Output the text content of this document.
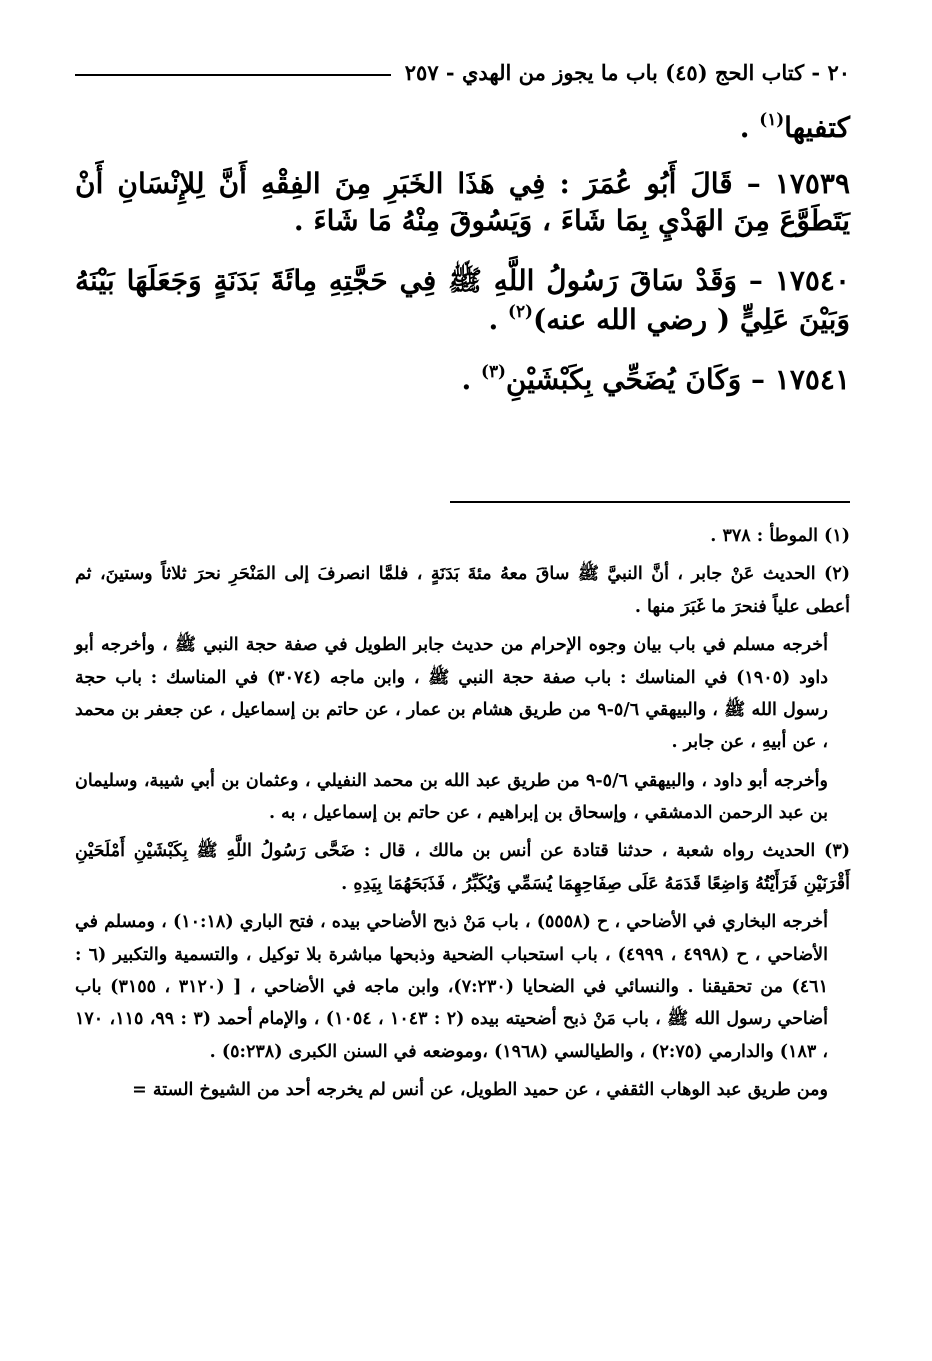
٢٠ - كتاب الحج (٤٥) باب ما يجوز من الهدي - ٢٥٧

كتفيها$^{(١)}$ .

١٧٥٣٩ – قَالَ أَبُو عُمَرَ : فِي هَذَا الخَبَرِ مِنَ الفِقْهِ أَنَّ لِلإِنْسَانِ أَنْ يَتَطَوَّعَ مِنَ الهَدْيِ بِمَا شَاءَ ، وَيَسُوقَ مِنْهُ مَا شَاءَ .

١٧٥٤٠ – وَقَدْ سَاقَ رَسُولُ اللَّهِ ﷺ فِي حَجَّتِهِ مِائَةَ بَدَنَةٍ وَجَعَلَهَا بَيْنَهُ وَبَيْنَ عَلِيٍّ ( رضي الله عنه)$^{(٢)}$ .

١٧٥٤١ – وَكَانَ يُضَحِّي بِكَبْشَيْنِ$^{(٣)}$ .

(١) الموطأ : ٣٧٨ .

(٢) الحديث عَنْ جابر ، أنَّ النبيَّ ﷺ ساقَ معهُ مئةَ بَدَنَةٍ ، فلمَّا انصرفَ إلى المَنْحَرِ نحرَ ثلاثاً وستينَ، ثم أعطى علياً فنحرَ ما غَبَرَ منها .

أخرجه مسلم في باب بيان وجوه الإحرام من حديث جابر الطويل في صفة حجة النبي ﷺ ، وأخرجه أبو داود (١٩٠٥) في المناسك : باب صفة حجة النبي ﷺ ، وابن ماجه (٣٠٧٤) في المناسك : باب حجة رسول الله ﷺ ، والبيهقي ٥/٦-٩ من طريق هشام بن عمار ، عن حاتم بن إسماعيل ، عن جعفر بن محمد ، عن أبيهِ ، عن جابر .

وأخرجه أبو داود ، والبيهقي ٥/٦-٩ من طريق عبد الله بن محمد النفيلي ، وعثمان بن أبي شيبة، وسليمان بن عبد الرحمن الدمشقي ، وإسحاق بن إبراهيم ، عن حاتم بن إسماعيل ، به .

(٣) الحديث رواه شعبة ، حدثنا قتادة عن أنس بن مالك ، قال : ضَحَّى رَسُولُ اللَّهِ ﷺ بِكَبْشَيْنِ أَمْلَحَيْنِ أَقْرَنَيْنِ فَرَأَيْتُهُ وَاضِعًا قَدَمَهُ عَلَى صِفَاحِهِمَا يُسَمِّي وَيُكَبِّرُ ، فَذَبَحَهُمَا بِيَدِهِ .

أخرجه البخاري في الأضاحي ، ح (٥٥٥٨) ، باب مَنْ ذبح الأضاحي بيده ، فتح الباري (١٠:١٨) ، ومسلم في الأضاحي ، ح (٤٩٩٨ ، ٤٩٩٩) ، باب استحباب الضحية وذبحها مباشرة بلا توكيل ، والتسمية والتكبير (٦ : ٤٦١) من تحقيقنا . والنسائي في الضحايا (٧:٢٣٠)، وابن ماجه في الأضاحي ، [ (٣١٢٠ ، ٣١٥٥) باب أضاحي رسول الله ﷺ ، باب مَنْ ذبح أضحيته بيده (٢ : ١٠٤٣ ، ١٠٥٤) ، والإمام أحمد (٣ : ٩٩، ١١٥، ١٧٠ ، ١٨٣) والدارمي (٢:٧٥) ، والطيالسي (١٩٦٨) ،وموضعه في السنن الكبرى (٥:٢٣٨) .

ومن طريق عبد الوهاب الثقفي ، عن حميد الطويل، عن أنس لم يخرجه أحد من الشيوخ الستة =
